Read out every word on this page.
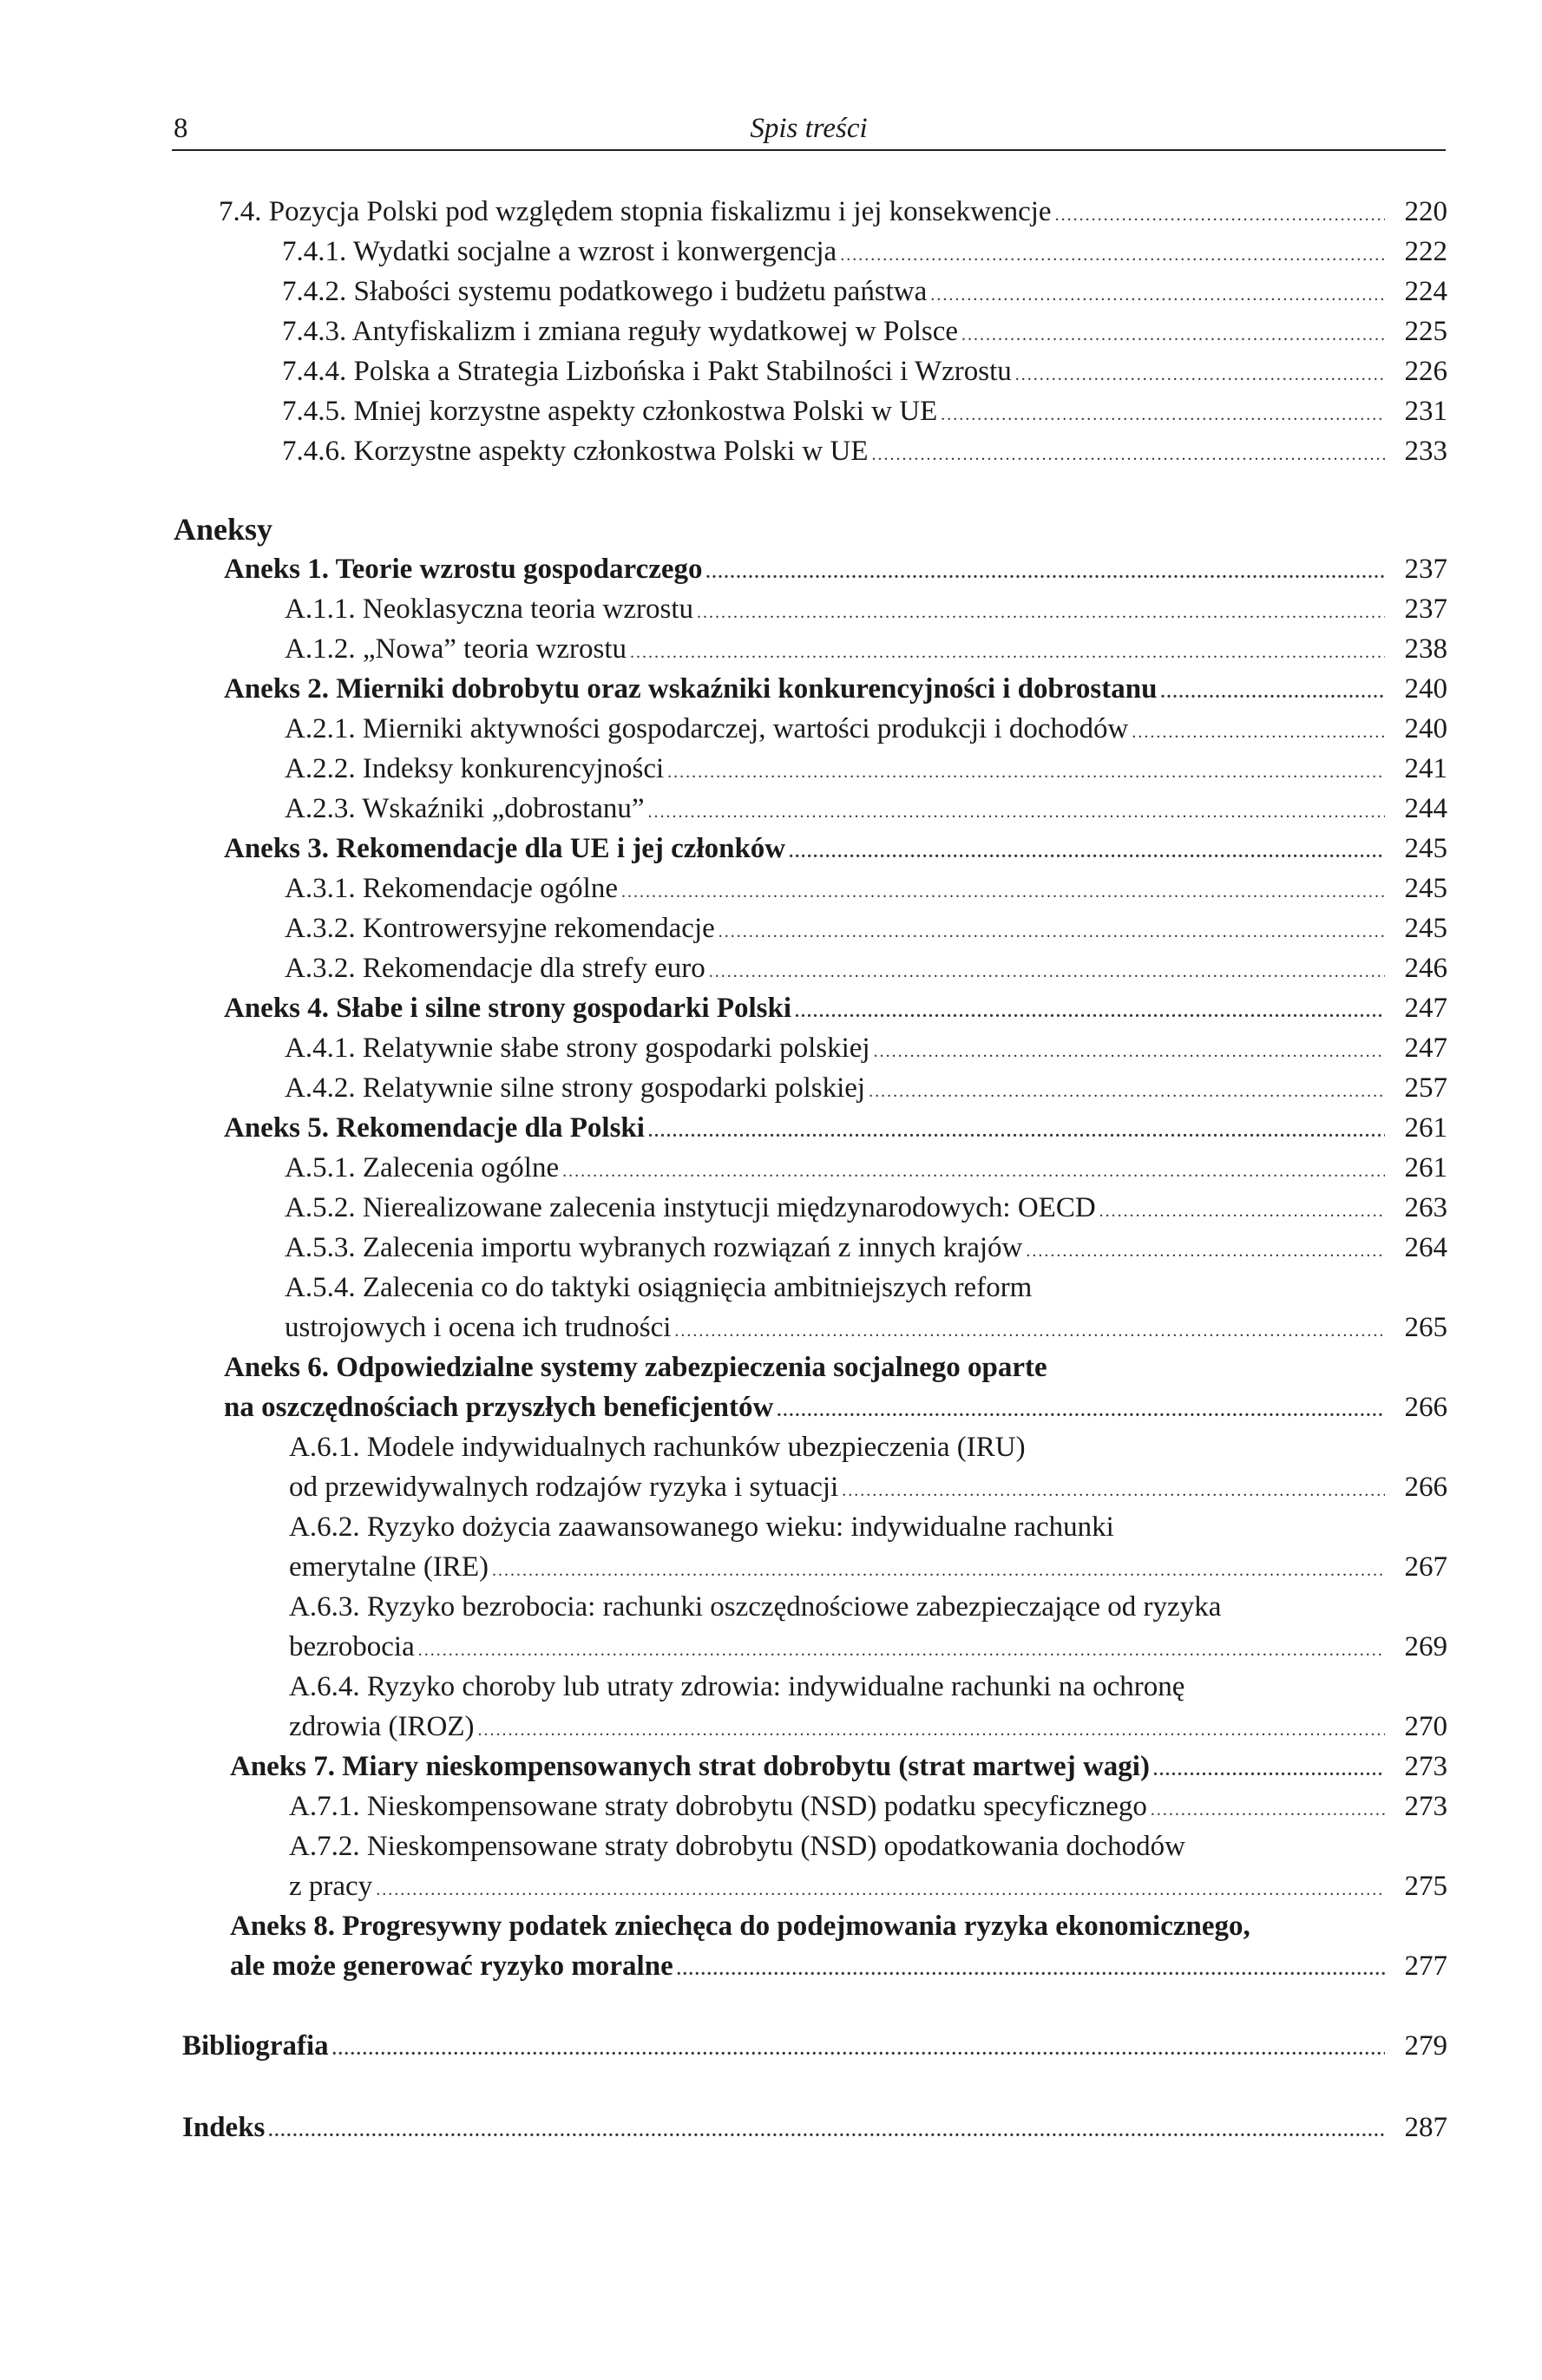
8	Spis treści
7.4. Pozycja Polski pod względem stopnia fiskalizmu i jej konsekwencje .....	220
7.4.1. Wydatki socjalne a wzrost i konwergencja .....	222
7.4.2. Słabości systemu podatkowego i budżetu państwa .....	224
7.4.3. Antyfiskalizm i zmiana reguły wydatkowej w Polsce .....	225
7.4.4. Polska a Strategia Lizbońska i Pakt Stabilności i Wzrostu .....	226
7.4.5. Mniej korzystne aspekty członkostwa Polski w UE .....	231
7.4.6. Korzystne aspekty członkostwa Polski w UE .....	233
Aneksy
Aneks 1. Teorie wzrostu gospodarczego .....	237
A.1.1. Neoklasyczna teoria wzrostu .....	237
A.1.2. „Nowa” teoria wzrostu .....	238
Aneks 2. Mierniki dobrobytu oraz wskaźniki konkurencyjności i dobrostanu .....	240
A.2.1. Mierniki aktywności gospodarczej, wartości produkcji i dochodów .....	240
A.2.2. Indeksy konkurencyjności .....	241
A.2.3. Wskaźniki „dobrostanu” .....	244
Aneks 3. Rekomendacje dla UE i jej członków .....	245
A.3.1. Rekomendacje ogólne .....	245
A.3.2. Kontrowersyjne rekomendacje .....	245
A.3.2. Rekomendacje dla strefy euro .....	246
Aneks 4. Słabe i silne strony gospodarki Polski .....	247
A.4.1. Relatywnie słabe strony gospodarki polskiej .....	247
A.4.2. Relatywnie silne strony gospodarki polskiej .....	257
Aneks 5. Rekomendacje dla Polski .....	261
A.5.1. Zalecenia ogólne .....	261
A.5.2. Nierealizowane zalecenia instytucji międzynarodowych: OECD .....	263
A.5.3. Zalecenia importu wybranych rozwiązań z innych krajów .....	264
A.5.4. Zalecenia co do taktyki osiągnięcia ambitniejszych reform
ustrojowych i ocena ich trudności .....	265
Aneks 6. Odpowiedzialne systemy zabezpieczenia socjalnego oparte
na oszczędnościach przyszłych beneficjentów .....	266
A.6.1. Modele indywidualnych rachunków ubezpieczenia (IRU)
od przewidywalnych rodzajów ryzyka i sytuacji .....	266
A.6.2. Ryzyko dożycia zaawansowanego wieku: indywidualne rachunki
emerytalne (IRE) .....	267
A.6.3. Ryzyko bezrobocia: rachunki oszczędnościowe zabezpieczające od ryzyka
bezrobocia .....	269
A.6.4. Ryzyko choroby lub utraty zdrowia: indywidualne rachunki na ochronę
zdrowia (IROZ) .....	270
Aneks 7. Miary nieskompensowanych strat dobrobytu (strat martwej wagi) .....	273
A.7.1. Nieskompensowane straty dobrobytu (NSD) podatku specyficznego .....	273
A.7.2. Nieskompensowane straty dobrobytu (NSD) opodatkowania dochodów
z pracy .....	275
Aneks 8. Progresywny podatek zniechęca do podejmowania ryzyka ekonomicznego,
ale może generować ryzyko moralne .....	277
Bibliografia .....	279
Indeks .....	287
